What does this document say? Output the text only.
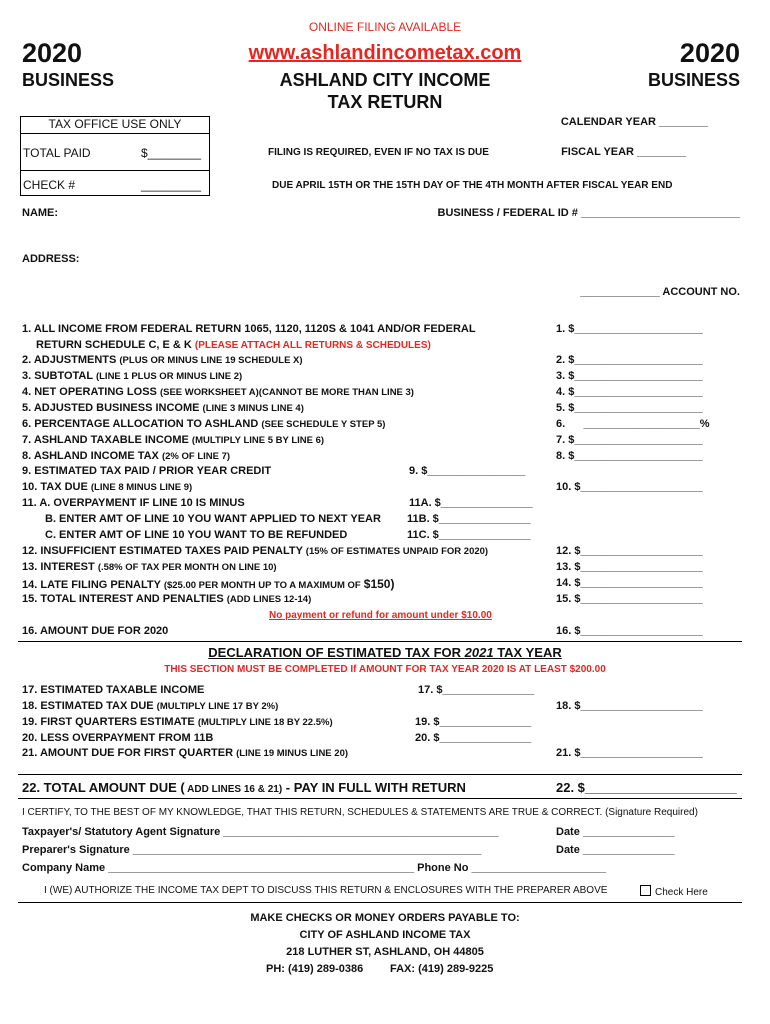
ONLINE FILING AVAILABLE
www.ashlandincometax.com
2020	2020
BUSINESS	BUSINESS
ASHLAND CITY INCOME
TAX RETURN
TAX OFFICE USE ONLY
TOTAL PAID	$________
CHECK #	_________
CALENDAR YEAR ________
FILING IS REQUIRED, EVEN IF NO TAX IS DUE	FISCAL YEAR ________
DUE APRIL 15TH OR THE 15TH DAY OF THE 4TH MONTH AFTER FISCAL YEAR END
NAME:	BUSINESS / FEDERAL ID # __________________________
ADDRESS:
_____________ ACCOUNT NO.
1. ALL INCOME FROM FEDERAL RETURN 1065, 1120, 1120S & 1041 AND/OR FEDERAL
RETURN SCHEDULE C, E & K (PLEASE ATTACH ALL RETURNS & SCHEDULES)
1. $_____________________
2. ADJUSTMENTS (PLUS OR MINUS LINE 19 SCHEDULE X)	2. $_____________________
3. SUBTOTAL (LINE 1 PLUS OR MINUS LINE 2)	3. $_____________________
4. NET OPERATING LOSS (SEE WORKSHEET A)(CANNOT BE MORE THAN LINE 3)	4. $_____________________
5. ADJUSTED BUSINESS INCOME (LINE 3 MINUS LINE 4)	5. $_____________________
6. PERCENTAGE ALLOCATION TO ASHLAND (SEE SCHEDULE Y STEP 5)	6.      ___________________%
7. ASHLAND TAXABLE INCOME (MULTIPLY LINE 5 BY LINE 6)	7. $_____________________
8. ASHLAND INCOME TAX (2% OF LINE 7)	8. $_____________________
9. ESTIMATED TAX PAID / PRIOR YEAR CREDIT	9. $________________
10. TAX DUE (LINE 8 MINUS LINE 9)	10. $____________________
11. A. OVERPAYMENT IF LINE 10 IS MINUS	11A. $_______________
B. ENTER AMT OF LINE 10 YOU WANT APPLIED TO NEXT YEAR 11B. $_______________
C. ENTER AMT OF LINE 10 YOU WANT TO BE REFUNDED	11C. $_______________
12. INSUFFICIENT ESTIMATED TAXES PAID PENALTY (15% OF ESTIMATES UNPAID FOR 2020)	12. $____________________
13. INTEREST (.58% OF TAX PER MONTH ON LINE 10)	13. $____________________
14. LATE FILING PENALTY ($25.00 PER MONTH UP TO A MAXIMUM OF $150)	14. $____________________
15. TOTAL INTEREST AND PENALTIES (ADD LINES 12-14)	15. $____________________
No payment or refund for amount under $10.00
16. AMOUNT DUE FOR 2020	16. $____________________
DECLARATION OF ESTIMATED TAX FOR 2021 TAX YEAR
THIS SECTION MUST BE COMPLETED If AMOUNT FOR TAX YEAR 2020 IS AT LEAST $200.00
17. ESTIMATED TAXABLE INCOME	17. $_______________
18. ESTIMATED TAX DUE (MULTIPLY LINE 17 BY 2%)	18. $____________________
19. FIRST QUARTERS ESTIMATE (MULTIPLY LINE 18 BY 22.5%)	19. $_______________
20. LESS OVERPAYMENT FROM 11B	20. $_______________
21. AMOUNT DUE FOR FIRST QUARTER (LINE 19 MINUS LINE 20)	21. $____________________
22. TOTAL AMOUNT DUE ( ADD LINES 16 & 21) - PAY IN FULL WITH RETURN	22. $_____________________
I CERTIFY, TO THE BEST OF MY KNOWLEDGE, THAT THIS RETURN, SCHEDULES & STATEMENTS ARE TRUE & CORRECT. (Signature Required)
Taxpayer's/ Statutory Agent Signature _____________________________________________	Date _______________
Preparer's Signature _________________________________________________________	Date _______________
Company Name __________________________________________________ Phone No ______________________
I (WE) AUTHORIZE THE INCOME TAX DEPT TO DISCUSS THIS RETURN & ENCLOSURES WITH THE PREPARER ABOVE	Check Here
MAKE CHECKS OR MONEY ORDERS PAYABLE TO:
CITY OF ASHLAND INCOME TAX
218 LUTHER ST, ASHLAND, OH 44805
PH: (419) 289-0386 FAX: (419) 289-9225
